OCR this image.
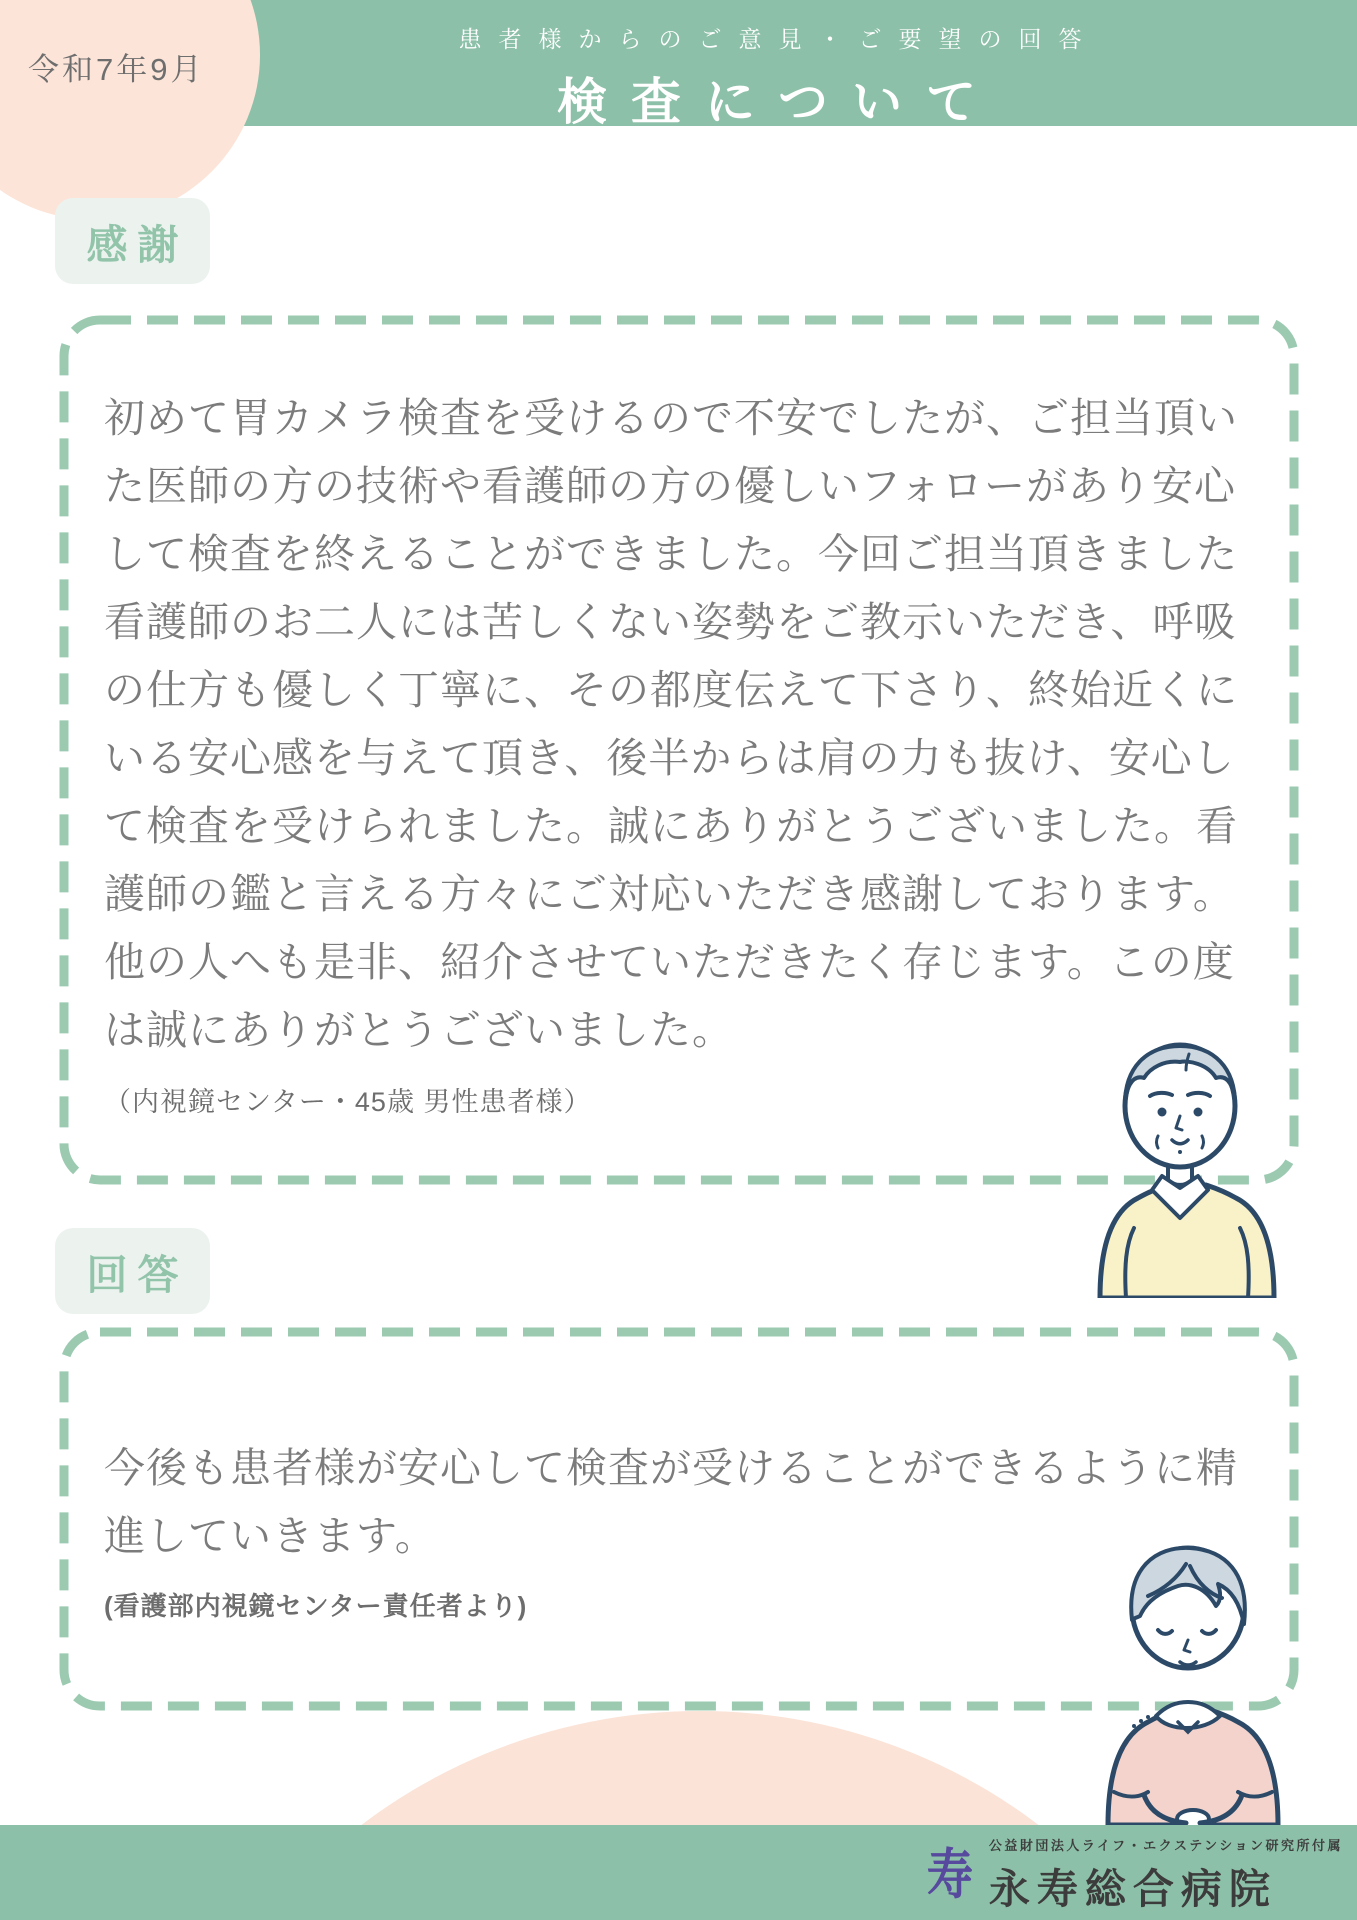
令和7年9月
患者様からのご意見・ご要望の回答
検査について
感謝
初めて胃カメラ検査を受けるので不安でしたが、ご担当頂いた医師の方の技術や看護師の方の優しいフォローがあり安心して検査を終えることができました。今回ご担当頂きました看護師のお二人には苦しくない姿勢をご教示いただき、呼吸の仕方も優しく丁寧に、その都度伝えて下さり、終始近くにいる安心感を与えて頂き、後半からは肩の力も抜け、安心して検査を受けられました。誠にありがとうございました。看護師の鑑と言える方々にご対応いただき感謝しております。他の人へも是非、紹介させていただきたく存じます。この度は誠にありがとうございました。
（内視鏡センター・45歳 男性患者様）
回答
今後も患者様が安心して検査が受けることができるように精進していきます。
(看護部内視鏡センター責任者より)
寿 公益財団法人ライフ・エクステンション研究所付属
永寿総合病院
